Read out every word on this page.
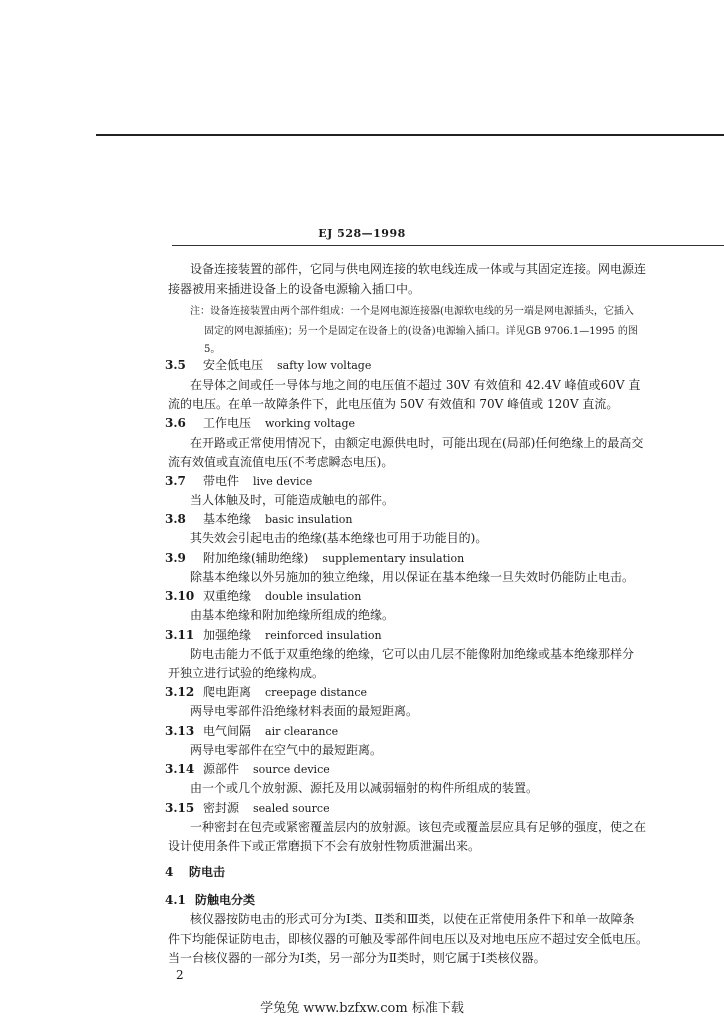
EJ 528—1998
设备连接装置的部件，它同与供电网连接的软电线连成一体或与其固定连接。网电源连
接器被用来插进设备上的设备电源输入插口中。
注：设备连接装置由两个部件组成：一个是网电源连接器(电源软电线的另一端是网电源插头，它插入
固定的网电源插座)；另一个是固定在设备上的(设备)电源输入插口。详见GB 9706.1—1995 的图
5。
3.5 安全低电压 safty low voltage
在导体之间或任一导体与地之间的电压值不超过 30V 有效值和 42.4V 峰值或60V 直
流的电压。在单一故障条件下，此电压值为 50V 有效值和 70V 峰值或 120V 直流。
3.6 工作电压 working voltage
在开路或正常使用情况下，由额定电源供电时，可能出现在(局部)任何绝缘上的最高交
流有效值或直流值电压(不考虑瞬态电压)。
3.7 带电件 live device
当人体触及时，可能造成触电的部件。
3.8 基本绝缘 basic insulation
其失效会引起电击的绝缘(基本绝缘也可用于功能目的)。
3.9 附加绝缘(辅助绝缘) supplementary insulation
除基本绝缘以外另施加的独立绝缘，用以保证在基本绝缘一旦失效时仍能防止电击。
3.10 双重绝缘 double insulation
由基本绝缘和附加绝缘所组成的绝缘。
3.11 加强绝缘 reinforced insulation
防电击能力不低于双重绝缘的绝缘，它可以由几层不能像附加绝缘或基本绝缘那样分
开独立进行试验的绝缘构成。
3.12 爬电距离 creepage distance
两导电零部件沿绝缘材料表面的最短距离。
3.13 电气间隔 air clearance
两导电零部件在空气中的最短距离。
3.14 源部件 source device
由一个或几个放射源、源托及用以减弱辐射的构件所组成的装置。
3.15 密封源 sealed source
一种密封在包壳或紧密覆盖层内的放射源。该包壳或覆盖层应具有足够的强度，使之在
设计使用条件下或正常磨损下不会有放射性物质泄漏出来。
4 防电击
4.1 防触电分类
核仪器按防电击的形式可分为Ⅰ类、Ⅱ类和Ⅲ类，以使在正常使用条件下和单一故障条
件下均能保证防电击，即核仪器的可触及零部件间电压以及对地电压应不超过安全低电压。
当一台核仪器的一部分为Ⅰ类，另一部分为Ⅱ类时，则它属于Ⅰ类核仪器。
2
学兔兔 www.bzfxw.com 标准下载
